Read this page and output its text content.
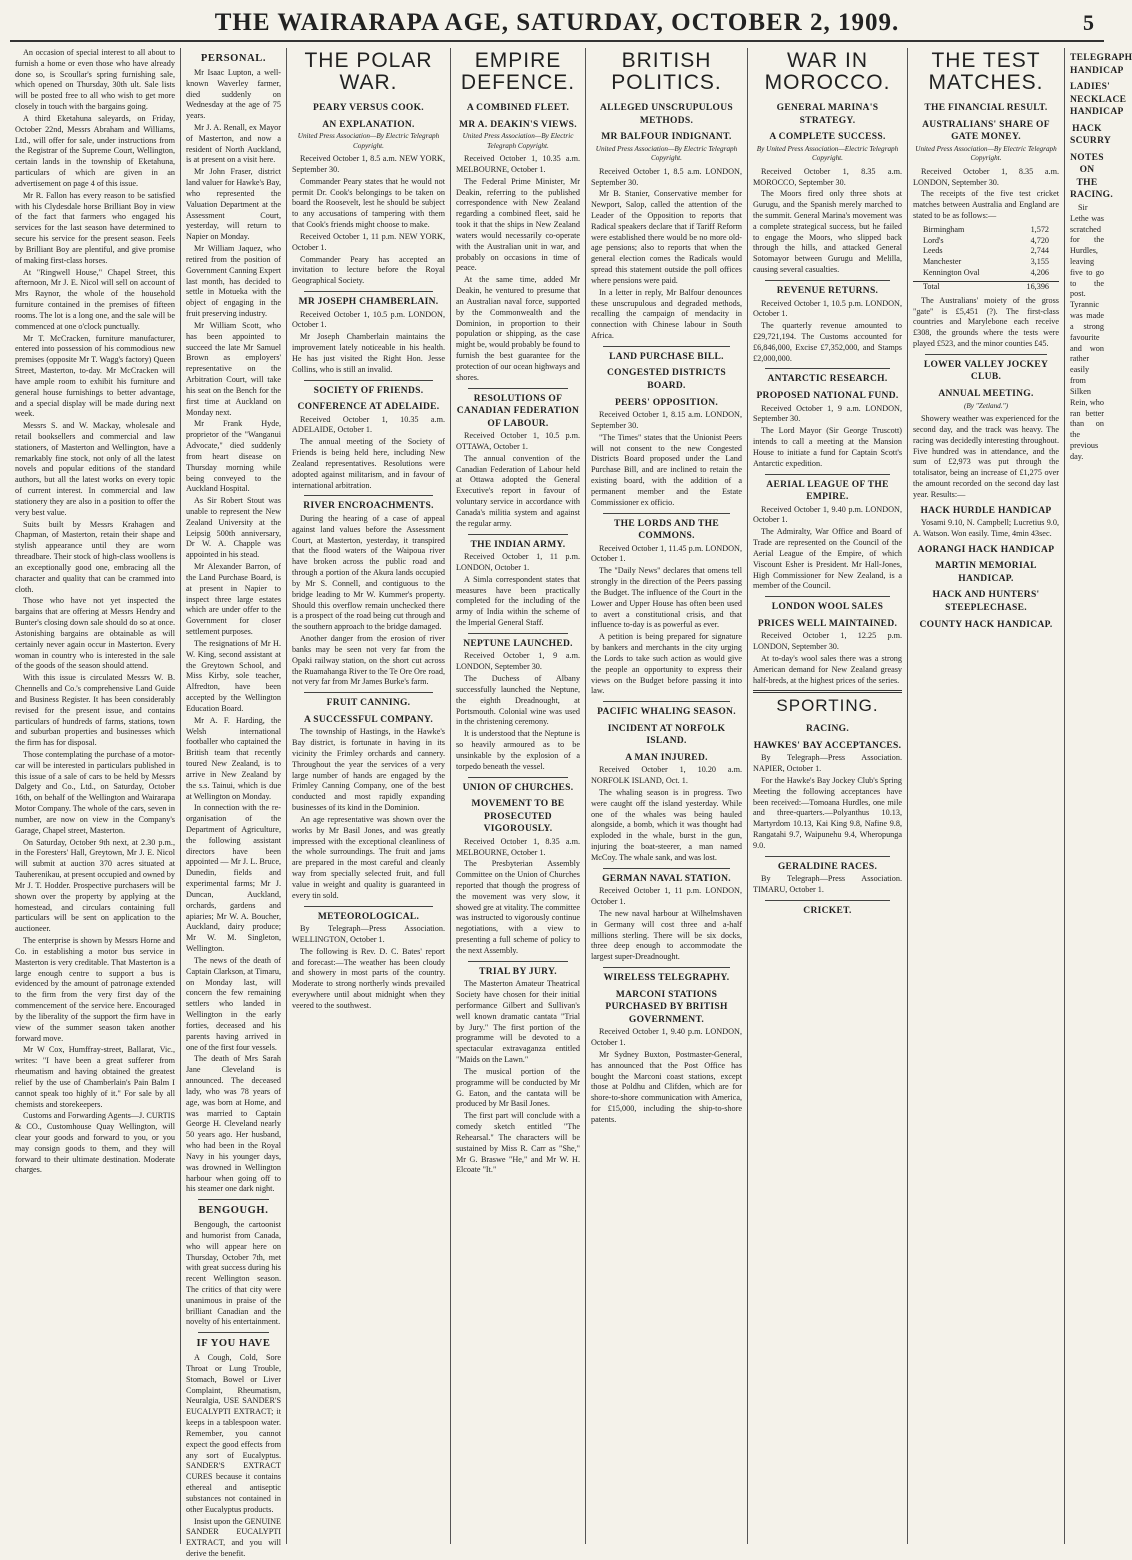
THE WAIRARAPA AGE, SATURDAY, OCTOBER 2, 1909.	5

An occasion of special interest to all about to furnish a home or even those who have already done so, is Scoullar's spring furnishing sale, which opened on Thursday, 30th ult. Sale lists will be posted free to all who wish to get more closely in touch with the bargains going.

A third Eketahuna saleyards, on Friday, October 22nd, Messrs Abraham and Williams, Ltd., will offer for sale, under instructions from the Registrar of the Supreme Court, Wellington, certain lands in the township of Eketahuna, particulars of which are given in an advertisement on page 4 of this issue.

Mr R. Fallon has every reason to be satisfied with his Clydesdale horse Brilliant Boy in view of the fact that farmers who engaged his services for the last season have determined to secure his service for the present season. Feels by Brilliant Boy are plentiful, and give promise of making first-class horses.

At "Ringwell House," Chapel Street, this afternoon, Mr J. E. Nicol will sell on account of Mrs Raynor, the whole of the household furniture contained in the premises of fifteen rooms. The lot is a long one, and the sale will be commenced at one o'clock punctually.

Mr T. McCracken, furniture manufacturer, entered into possession of his commodious new premises (opposite Mr T. Wagg's factory) Queen Street, Masterton, to-day. Mr McCracken will have ample room to exhibit his furniture and general house furnishings to better advantage, and a special display will be made during next week.

Messrs S. and W. Mackay, wholesale and retail booksellers and commercial and law stationers, of Masterton and Wellington, have a remarkably fine stock, not only of all the latest novels and popular editions of the standard authors, but all the latest works on every topic of current interest. In commercial and law stationery they are also in a position to offer the very best value.

Suits built by Messrs Krahagen and Chapman, of Masterton, retain their shape and stylish appearance until they are worn threadbare. Their stock of high-class woollens is an exceptionally good one, embracing all the character and quality that can be crammed into cloth.

Those who have not yet inspected the bargains that are offering at Messrs Hendry and Bunter's closing down sale should do so at once. Astonishing bargains are obtainable as will certainly never again occur in Masterton. Every woman in country who is interested in the sale of the goods of the season should attend.

With this issue is circulated Messrs W. B. Chennells and Co.'s comprehensive Land Guide and Business Register. It has been considerably revised for the present issue, and contains particulars of hundreds of farms, stations, town and suburban properties and businesses which the firm has for disposal.

Those contemplating the purchase of a motor-car will be interested in particulars published in this issue of a sale of cars to be held by Messrs Dalgety and Co., Ltd., on Saturday, October 16th, on behalf of the Wellington and Wairarapa Motor Company. The whole of the cars, seven in number, are now on view in the Company's Garage, Chapel street, Masterton.

On Saturday, October 9th next, at 2.30 p.m., in the Foresters' Hall, Greytown, Mr J. E. Nicol will submit at auction 370 acres situated at Tauherenikau, at present occupied and owned by Mr J. T. Hodder. Prospective purchasers will be shown over the property by applying at the homestead, and circulars containing full particulars will be sent on application to the auctioneer.

The enterprise is shown by Messrs Horne and Co. in establishing a motor bus service in Masterton is very creditable. That Masterton is a large enough centre to support a bus is evidenced by the amount of patronage extended to the firm from the very first day of the commencement of the service here. Encouraged by the liberality of the support the firm have in view of the summer season taken another forward move.

Mr W Cox, Humffray-street, Ballarat, Vic., writes: "I have been a great sufferer from rheumatism and having obtained the greatest relief by the use of Chamberlain's Pain Balm I cannot speak too highly of it." For sale by all chemists and storekeepers.

Customs and Forwarding Agents—J. CURTIS & CO., Customhouse Quay Wellington, will clear your goods and forward to you, or you may consign goods to them, and they will forward to their ultimate destination. Moderate charges.

PERSONAL.

Mr Isaac Lupton, a well-known Waverley farmer, died suddenly on Wednesday at the age of 75 years.

Mr J. A. Renall, ex Mayor of Masterton, and now a resident of North Auckland, is at present on a visit here.

Mr John Fraser, district land valuer for Hawke's Bay, who represented the Valuation Department at the Assessment Court, yesterday, will return to Napier on Monday.

Mr William Jaquez, who retired from the position of Government Canning Expert last month, has decided to settle in Motueka with the object of engaging in the fruit preserving industry.

Mr William Scott, who has been appointed to succeed the late Mr Samuel Brown as employers' representative on the Arbitration Court, will take his seat on the Bench for the first time at Auckland on Monday next.

Mr Frank Hyde, proprietor of the "Wanganui Advocate," died suddenly from heart disease on Thursday morning while being conveyed to the Auckland Hospital.

As Sir Robert Stout was unable to represent the New Zealand University at the Leipsig 500th anniversary, Dr W. A. Chapple was appointed in his stead.

Mr Alexander Barron, of the Land Purchase Board, is at present in Napier to inspect three large estates which are under offer to the Government for closer settlement purposes.

The resignations of Mr H. W. King, second assistant at the Greytown School, and Miss Kirby, sole teacher, Alfredton, have been accepted by the Wellington Education Board.

Mr A. F. Harding, the Welsh international footballer who captained the British team that recently toured New Zealand, is to arrive in New Zealand by the s.s. Tainui, which is due at Wellington on Monday.

In connection with the re-organisation of the Department of Agriculture, the following assistant directors have been appointed — Mr J. L. Bruce, Dunedin, fields and experimental farms; Mr J. Duncan, Auckland, orchards, gardens and apiaries; Mr W. A. Boucher, Auckland, dairy produce; Mr W. M. Singleton, Wellington.

The news of the death of Captain Clarkson, at Timaru, on Monday last, will concern the few remaining settlers who landed in Wellington in the early forties, deceased and his parents having arrived in one of the first four vessels.

The death of Mrs Sarah Jane Cleveland is announced. The deceased lady, who was 78 years of age, was born at Home, and was married to Captain George H. Cleveland nearly 50 years ago. Her husband, who had been in the Royal Navy in his younger days, was drowned in Wellington harbour when going off to his steamer one dark night.

BENGOUGH.

Bengough, the cartoonist and humorist from Canada, who will appear here on Thursday, October 7th, met with great success during his recent Wellington season. The critics of that city were unanimous in praise of the brilliant Canadian and the novelty of his entertainment.

IF YOU HAVE

A Cough, Cold, Sore Throat or Lung Trouble, Stomach, Bowel or Liver Complaint, Rheumatism, Neuralgia, USE SANDER'S EUCALYPTI EXTRACT; it keeps in a tablespoon water. Remember, you cannot expect the good effects from any sort of Eucalyptus. SANDER'S EXTRACT CURES because it contains ethereal and antiseptic substances not contained in other Eucalyptus products.

Insist upon the GENUINE SANDER EUCALYPTI EXTRACT, and you will derive the benefit.

THE POLAR WAR.
PEARY VERSUS COOK.
AN EXPLANATION.
United Press Association—By Electric Telegraph Copyright.

Received October 1, 8.5 a.m. NEW YORK, September 30.

Commander Peary states that he would not permit Dr. Cook's belongings to be taken on board the Roosevelt, lest he should be subject to any accusations of tampering with them that Cook's friends might choose to make.

Received October 1, 11 p.m. NEW YORK, October 1.

Commander Peary has accepted an invitation to lecture before the Royal Geographical Society.

MR JOSEPH CHAMBERLAIN.

Received October 1, 10.5 p.m. LONDON, October 1.

Mr Joseph Chamberlain maintains the improvement lately noticeable in his health. He has just visited the Right Hon. Jesse Collins, who is still an invalid.

SOCIETY OF FRIENDS.
CONFERENCE AT ADELAIDE.

Received October 1, 10.35 a.m. ADELAIDE, October 1.

The annual meeting of the Society of Friends is being held here, including New Zealand representatives. Resolutions were adopted against militarism, and in favour of international arbitration.

RIVER ENCROACHMENTS.

During the hearing of a case of appeal against land values before the Assessment Court, at Masterton, yesterday, it transpired that the flood waters of the Waipoua river have broken across the public road and through a portion of the Akura lands occupied by Mr S. Connell, and contiguous to the bridge leading to Mr W. Kummer's property. Should this overflow remain unchecked there is a prospect of the road being cut through and the southern approach to the bridge damaged.

Another danger from the erosion of river banks may be seen not very far from the Opaki railway station, on the short cut across the Ruamahanga River to the Te Ore Ore road, not very far from Mr James Burke's farm.

FRUIT CANNING.
A SUCCESSFUL COMPANY.

The township of Hastings, in the Hawke's Bay district, is fortunate in having in its vicinity the Frimley orchards and cannery. Throughout the year the services of a very large number of hands are engaged by the Frimley Canning Company, one of the best conducted and most rapidly expanding businesses of its kind in the Dominion.

An age representative was shown over the works by Mr Basil Jones, and was greatly impressed with the exceptional cleanliness of the whole surroundings. The fruit and jams are prepared in the most careful and cleanly way from specially selected fruit, and full value in weight and quality is guaranteed in every tin sold.

METEOROLOGICAL.

By Telegraph—Press Association. WELLINGTON, October 1.

The following is Rev. D. C. Bates' report and forecast:—The weather has been cloudy and showery in most parts of the country. Moderate to strong northerly winds prevailed everywhere until about midnight when they veered to the southwest.

EMPIRE DEFENCE.
A COMBINED FLEET.
MR A. DEAKIN'S VIEWS.
United Press Association—By Electric Telegraph Copyright.

Received October 1, 10.35 a.m. MELBOURNE, October 1.

The Federal Prime Minister, Mr Deakin, referring to the published correspondence with New Zealand regarding a combined fleet, said he took it that the ships in New Zealand waters would necessarily co-operate with the Australian unit in war, and probably on occasions in time of peace.

At the same time, added Mr Deakin, he ventured to presume that an Australian naval force, supported by the Commonwealth and the Dominion, in proportion to their population or shipping, as the case might be, would probably be found to furnish the best guarantee for the protection of our ocean highways and shores.

RESOLUTIONS OF CANADIAN FEDERATION OF LABOUR.

Received October 1, 10.5 p.m. OTTAWA, October 1.

The annual convention of the Canadian Federation of Labour held at Ottawa adopted the General Executive's report in favour of voluntary service in accordance with Canada's militia system and against the regular army.

THE INDIAN ARMY.

Received October 1, 11 p.m. LONDON, October 1.

A Simla correspondent states that measures have been practically completed for the including of the army of India within the scheme of the Imperial General Staff.

NEPTUNE LAUNCHED.

Received October 1, 9 a.m. LONDON, September 30.

The Duchess of Albany successfully launched the Neptune, the eighth Dreadnought, at Portsmouth. Colonial wine was used in the christening ceremony.

It is understood that the Neptune is so heavily armoured as to be unsinkable by the explosion of a torpedo beneath the vessel.

UNION OF CHURCHES.
MOVEMENT TO BE PROSECUTED VIGOROUSLY.

Received October 1, 8.35 a.m. MELBOURNE, October 1.

The Presbyterian Assembly Committee on the Union of Churches reported that though the progress of the movement was very slow, it showed gre at vitality. The committee was instructed to vigorously continue negotiations, with a view to presenting a full scheme of policy to the next Assembly.

TRIAL BY JURY.

The Masterton Amateur Theatrical Society have chosen for their initial performance Gilbert and Sullivan's well known dramatic cantata "Trial by Jury." The first portion of the programme will be devoted to a spectacular extravaganza entitled "Maids on the Lawn."

The musical portion of the programme will be conducted by Mr G. Eaton, and the cantata will be produced by Mr Basil Jones.

The first part will conclude with a comedy sketch entitled "The Rehearsal." The characters will be sustained by Miss R. Carr as "She," Mr G. Braswe "He," and Mr W. H. Elcoate "It."

BRITISH POLITICS.
ALLEGED UNSCRUPULOUS METHODS.
MR BALFOUR INDIGNANT.
United Press Association—By Electric Telegraph Copyright.

Received October 1, 8.5 a.m. LONDON, September 30.

Mr B. Stanier, Conservative member for Newport, Salop, called the attention of the Leader of the Opposition to reports that Radical speakers declare that if Tariff Reform were established there would be no more old-age pensions; also to reports that when the general election comes the Radicals would spread this statement outside the poll offices where pensions were paid.

In a letter in reply, Mr Balfour denounces these unscrupulous and degraded methods, recalling the campaign of mendacity in connection with Chinese labour in South Africa.

LAND PURCHASE BILL.
CONGESTED DISTRICTS BOARD.
PEERS' OPPOSITION.

Received October 1, 8.15 a.m. LONDON, September 30.

"The Times" states that the Unionist Peers will not consent to the new Congested Districts Board proposed under the Land Purchase Bill, and are inclined to retain the existing board, with the addition of a permanent member and the Estate Commissioner ex officio.

THE LORDS AND THE COMMONS.

Received October 1, 11.45 p.m. LONDON, October 1.

The "Daily News" declares that omens tell strongly in the direction of the Peers passing the Budget. The influence of the Court in the Lower and Upper House has often been used to avert a constitutional crisis, and that influence to-day is as powerful as ever.

A petition is being prepared for signature by bankers and merchants in the city urging the Lords to take such action as would give the people an opportunity to express their views on the Budget before passing it into law.

PACIFIC WHALING SEASON.
INCIDENT AT NORFOLK ISLAND.
A MAN INJURED.

Received October 1, 10.20 a.m. NORFOLK ISLAND, Oct. 1.

The whaling season is in progress. Two were caught off the island yesterday. While one of the whales was being hauled alongside, a bomb, which it was thought had exploded in the whale, burst in the gun, injuring the boat-steerer, a man named McCoy. The whale sank, and was lost.

GERMAN NAVAL STATION.

Received October 1, 11 p.m. LONDON, October 1.

The new naval harbour at Wilhelmshaven in Germany will cost three and a-half millions sterling. There will be six docks, three deep enough to accommodate the largest super-Dreadnought.

WIRELESS TELEGRAPHY.
MARCONI STATIONS PURCHASED BY BRITISH GOVERNMENT.

Received October 1, 9.40 p.m. LONDON, October 1.

Mr Sydney Buxton, Postmaster-General, has announced that the Post Office has bought the Marconi coast stations, except those at Poldhu and Clifden, which are for shore-to-shore communication with America, for £15,000, including the ship-to-shore patents.

WAR IN MOROCCO.
GENERAL MARINA'S STRATEGY.
A COMPLETE SUCCESS.
By United Press Association—Electric Telegraph Copyright.

Received October 1, 8.35 a.m. MOROCCO, September 30.

The Moors fired only three shots at Gurugu, and the Spanish merely marched to the summit. General Marina's movement was a complete strategical success, but he failed to engage the Moors, who slipped back through the hills, and attacked General Sotomayor between Gurugu and Melilla, causing several casualties.

REVENUE RETURNS.

Received October 1, 10.5 p.m. LONDON, October 1.

The quarterly revenue amounted to £29,721,194. The Customs accounted for £6,846,000, Excise £7,352,000, and Stamps £2,000,000.

ANTARCTIC RESEARCH.
PROPOSED NATIONAL FUND.

Received October 1, 9 a.m. LONDON, September 30.

The Lord Mayor (Sir George Truscott) intends to call a meeting at the Mansion House to initiate a fund for Captain Scott's Antarctic expedition.

AERIAL LEAGUE OF THE EMPIRE.

Received October 1, 9.40 p.m. LONDON, October 1.

The Admiralty, War Office and Board of Trade are represented on the Council of the Aerial League of the Empire, of which Viscount Esher is President. Mr Hall-Jones, High Commissioner for New Zealand, is a member of the Council.

LONDON WOOL SALES
PRICES WELL MAINTAINED.

Received October 1, 12.25 p.m. LONDON, September 30.

At to-day's wool sales there was a strong American demand for New Zealand greasy half-breds, at the highest prices of the series.

SPORTING.
RACING.
HAWKES' BAY ACCEPTANCES.

By Telegraph—Press Association. NAPIER, October 1.

For the Hawke's Bay Jockey Club's Spring Meeting the following acceptances have been received:—Tomoana Hurdles, one mile and three-quarters.—Polyanthus 10.13, Martyrdom 10.13, Kai King 9.8, Nafine 9.8, Rangatahi 9.7, Waipunehu 9.4, Wheropunga 9.0.

GERALDINE RACES.

By Telegraph—Press Association. TIMARU, October 1.

CRICKET.
THE TEST MATCHES.
THE FINANCIAL RESULT.
AUSTRALIANS' SHARE OF GATE MONEY.
United Press Association—By Electric Telegraph Copyright.

Received October 1, 8.35 a.m. LONDON, September 30.

The receipts of the five test cricket matches between Australia and England are stated to be as follows:—

Birmingham	1,572
Lord's	4,720
Leeds	2,744
Manchester	3,155
Kennington Oval	4,206
Total	16,396

The Australians' moiety of the gross "gate" is £5,451 (?). The first-class countries and Marylebone each receive £308, the grounds where the tests were played £523, and the minor counties £45.

LOWER VALLEY JOCKEY CLUB.
ANNUAL MEETING.
(By "Zetland.")

Showery weather was experienced for the second day, and the track was heavy. The racing was decidedly interesting throughout. Five hundred was in attendance, and the sum of £2,973 was put through the totalisator, being an increase of £1,275 over the amount recorded on the second day last year. Results:—

HACK HURDLE HANDICAP

Yosami 9.10, N. Campbell; Lucretius 9.0, A. Watson. Won easily. Time, 4min 43sec.

AORANGI HACK HANDICAP
MARTIN MEMORIAL HANDICAP.
HACK AND HUNTERS' STEEPLECHASE.
COUNTY HACK HANDICAP.
TELEGRAPH HANDICAP
LADIES' NECKLACE HANDICAP
HACK SCURRY
NOTES ON THE RACING.

Sir Lethe was scratched for the Hurdles, leaving five to go to the post. Tyrannic was made a strong favourite and won rather easily from Silken Rein, who ran better than on the previous day.
